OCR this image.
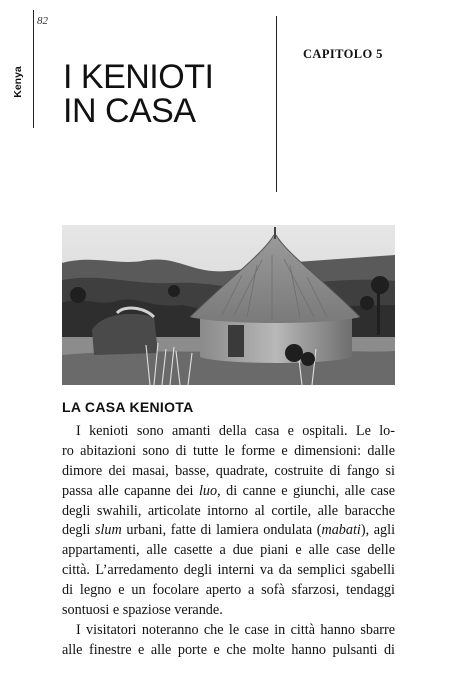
82
Kenya I KENIOTI
IN CASA
CAPITOLO 5
LA CASA KENIOTA
I kenioti sono amanti della casa e ospitali. Le lo-
ro abitazioni sono di tutte le forme e dimensioni: dalle
dimore dei masai, basse, quadrate, costruite di fango si
passa alle capanne dei luo, di canne e giunchi, alle case
degli swahili, articolate intorno al cortile, alle baracche
degli slum urbani, fatte di lamiera ondulata (mabati), agli
appartamenti, alle casette a due piani e alle case delle
città. L’arredamento degli interni va da semplici sgabelli
di legno e un focolare aperto a sofà sfarzosi, tendaggi
sontuosi e spaziose verande.
I visitatori noteranno che le case in città hanno sbarre
alle finestre e alle porte e che molte hanno pulsanti di
